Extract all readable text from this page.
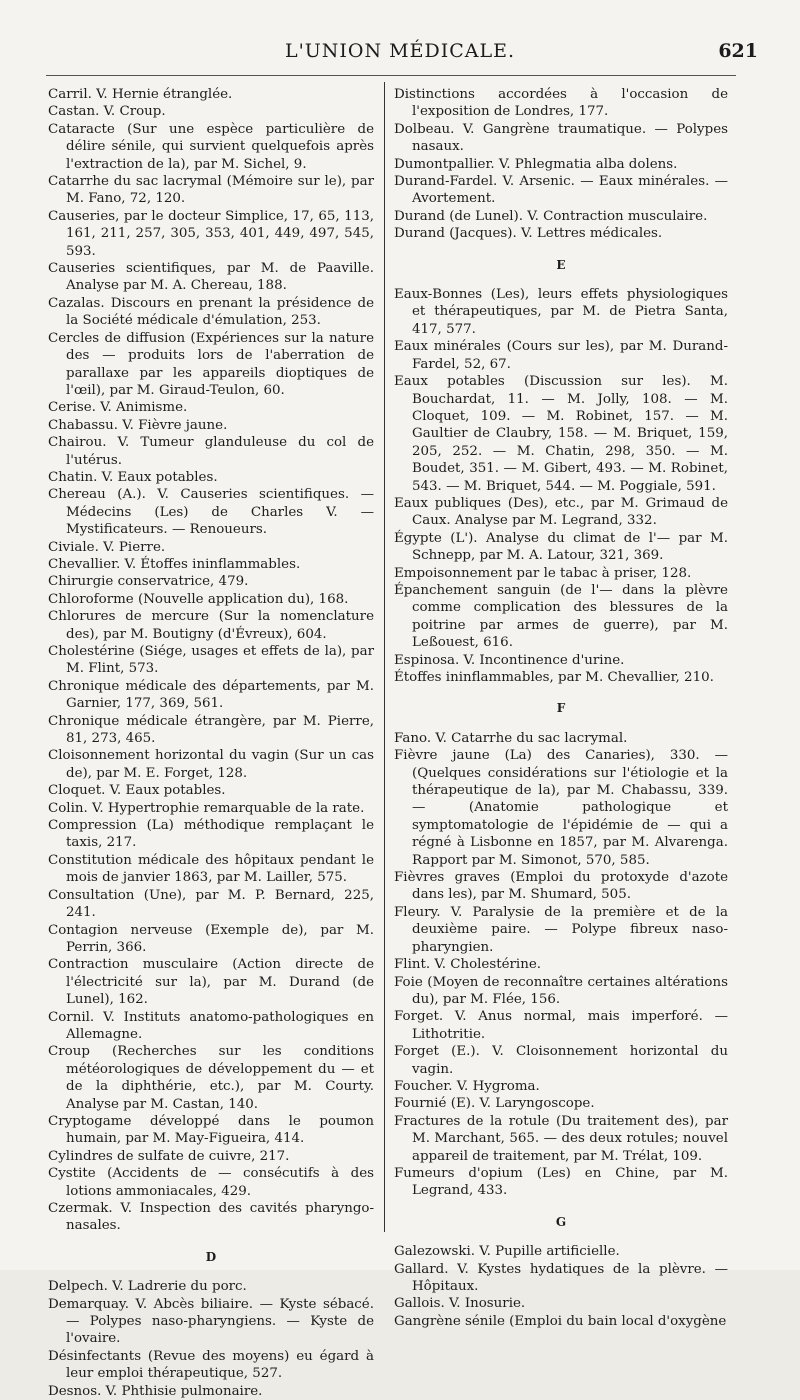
L'UNION MÉDICALE.	621

Carril. V. Hernie étranglée.

Castan. V. Croup.

Cataracte (Sur une espèce particulière de délire sénile, qui survient quelquefois après l'extraction de la), par M. Sichel, 9.

Catarrhe du sac lacrymal (Mémoire sur le), par M. Fano, 72, 120.

Causeries, par le docteur Simplice, 17, 65, 113, 161, 211, 257, 305, 353, 401, 449, 497, 545, 593.

Causeries scientifiques, par M. de Paaville. Analyse par M. A. Chereau, 188.

Cazalas. Discours en prenant la présidence de la Société médicale d'émulation, 253.

Cercles de diffusion (Expériences sur la nature des — produits lors de l'aberration de parallaxe par les appareils dioptiques de l'œil), par M. Giraud-Teulon, 60.

Cerise. V. Animisme.

Chabassu. V. Fièvre jaune.

Chairou. V. Tumeur glanduleuse du col de l'utérus.

Chatin. V. Eaux potables.

Chereau (A.). V. Causeries scientifiques. — Médecins (Les) de Charles V. — Mystificateurs. — Renoueurs.

Civiale. V. Pierre.

Chevallier. V. Étoffes ininflammables.

Chirurgie conservatrice, 479.

Chloroforme (Nouvelle application du), 168.

Chlorures de mercure (Sur la nomenclature des), par M. Boutigny (d'Évreux), 604.

Cholestérine (Siége, usages et effets de la), par M. Flint, 573.

Chronique médicale des départements, par M. Garnier, 177, 369, 561.

Chronique médicale étrangère, par M. Pierre, 81, 273, 465.

Cloisonnement horizontal du vagin (Sur un cas de), par M. E. Forget, 128.

Cloquet. V. Eaux potables.

Colin. V. Hypertrophie remarquable de la rate.

Compression (La) méthodique remplaçant le taxis, 217.

Constitution médicale des hôpitaux pendant le mois de janvier 1863, par M. Lailler, 575.

Consultation (Une), par M. P. Bernard, 225, 241.

Contagion nerveuse (Exemple de), par M. Perrin, 366.

Contraction musculaire (Action directe de l'électricité sur la), par M. Durand (de Lunel), 162.

Cornil. V. Instituts anatomo-pathologiques en Allemagne.

Croup (Recherches sur les conditions météorologiques de développement du — et de la diphthérie, etc.), par M. Courty. Analyse par M. Castan, 140.

Cryptogame développé dans le poumon humain, par M. May-Figueira, 414.

Cylindres de sulfate de cuivre, 217.

Cystite (Accidents de — consécutifs à des lotions ammoniacales, 429.

Czermak. V. Inspection des cavités pharyngo-nasales.

D

Delpech. V. Ladrerie du porc.

Demarquay. V. Abcès biliaire. — Kyste sébacé. — Polypes naso-pharyngiens. — Kyste de l'ovaire.

Désinfectants (Revue des moyens) eu égard à leur emploi thérapeutique, 527.

Desnos. V. Phthisie pulmonaire.

Distinctions accordées à l'occasion de l'exposition de Londres, 177.

Dolbeau. V. Gangrène traumatique. — Polypes nasaux.

Dumontpallier. V. Phlegmatia alba dolens.

Durand-Fardel. V. Arsenic. — Eaux minérales. — Avortement.

Durand (de Lunel). V. Contraction musculaire.

Durand (Jacques). V. Lettres médicales.

E

Eaux-Bonnes (Les), leurs effets physiologiques et thérapeutiques, par M. de Pietra Santa, 417, 577.

Eaux minérales (Cours sur les), par M. Durand-Fardel, 52, 67.

Eaux potables (Discussion sur les). M. Bouchardat, 11. — M. Jolly, 108. — M. Cloquet, 109. — M. Robinet, 157. — M. Gaultier de Claubry, 158. — M. Briquet, 159, 205, 252. — M. Chatin, 298, 350. — M. Boudet, 351. — M. Gibert, 493. — M. Robinet, 543. — M. Briquet, 544. — M. Poggiale, 591.

Eaux publiques (Des), etc., par M. Grimaud de Caux. Analyse par M. Legrand, 332.

Égypte (L'). Analyse du climat de l'— par M. Schnepp, par M. A. Latour, 321, 369.

Empoisonnement par le tabac à priser, 128.

Épanchement sanguin (de l'— dans la plèvre comme complication des blessures de la poitrine par armes de guerre), par M. Leßouest, 616.

Espinosa. V. Incontinence d'urine.

Étoffes ininflammables, par M. Chevallier, 210.

F

Fano. V. Catarrhe du sac lacrymal.

Fièvre jaune (La) des Canaries), 330. — (Quelques considérations sur l'étiologie et la thérapeutique de la), par M. Chabassu, 339. — (Anatomie pathologique et symptomatologie de l'épidémie de — qui a régné à Lisbonne en 1857, par M. Alvarenga. Rapport par M. Simonot, 570, 585.

Fièvres graves (Emploi du protoxyde d'azote dans les), par M. Shumard, 505.

Fleury. V. Paralysie de la première et de la deuxième paire. — Polype fibreux naso-pharyngien.

Flint. V. Cholestérine.

Foie (Moyen de reconnaître certaines altérations du), par M. Flée, 156.

Forget. V. Anus normal, mais imperforé. — Lithotritie.

Forget (E.). V. Cloisonnement horizontal du vagin.

Foucher. V. Hygroma.

Fournié (E). V. Laryngoscope.

Fractures de la rotule (Du traitement des), par M. Marchant, 565. — des deux rotules; nouvel appareil de traitement, par M. Trélat, 109.

Fumeurs d'opium (Les) en Chine, par M. Legrand, 433.

G

Galezowski. V. Pupille artificielle.

Gallard. V. Kystes hydatiques de la plèvre. — Hôpitaux.

Gallois. V. Inosurie.

Gangrène sénile (Emploi du bain local d'oxygène
